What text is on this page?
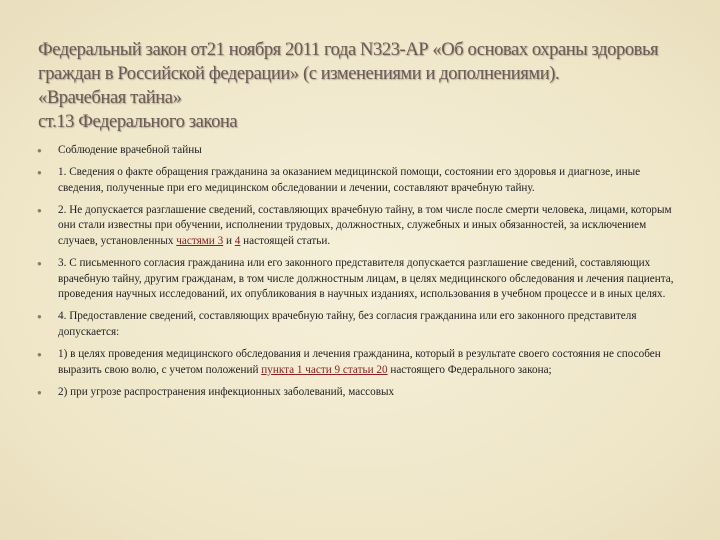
Федеральный закон от21 ноября 2011 года N323-АР «Об основах охраны здоровья
граждан в Российской федерации» (с изменениями и дополнениями).
«Врачебная тайна»
ст.13 Федерального закона
● Соблюдение врачебной тайны
● 1. Сведения о факте обращения гражданина за оказанием медицинской помощи, состоянии его здоровья и диагнозе, иные сведения, полученные при его медицинском обследовании и лечении, составляют врачебную тайну.
● 2. Не допускается разглашение сведений, составляющих врачебную тайну, в том числе после смерти человека, лицами, которым они стали известны при обучении, исполнении трудовых, должностных, служебных и иных обязанностей, за исключением случаев, установленных частями 3 и 4 настоящей статьи.
● 3. С письменного согласия гражданина или его законного представителя допускается разглашение сведений, составляющих врачебную тайну, другим гражданам, в том числе должностным лицам, в целях медицинского обследования и лечения пациента, проведения научных исследований, их опубликования в научных изданиях, использования в учебном процессе и в иных целях.
● 4. Предоставление сведений, составляющих врачебную тайну, без согласия гражданина или его законного представителя допускается:
● 1) в целях проведения медицинского обследования и лечения гражданина, который в результате своего состояния не способен выразить свою волю, с учетом положений пункта 1 части 9 статьи 20 настоящего Федерального закона;
● 2) при угрозе распространения инфекционных заболеваний, массовых
